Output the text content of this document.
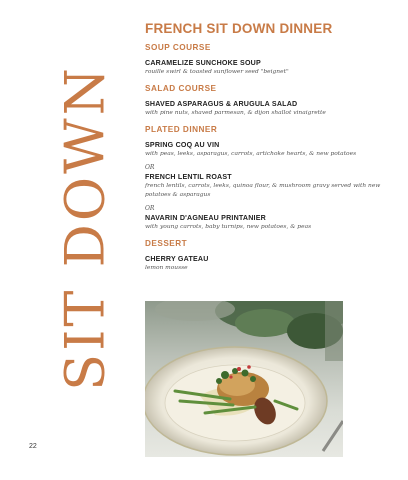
SIT DOWN
FRENCH SIT DOWN DINNER
SOUP COURSE
CARAMELIZE SUNCHOKE SOUP
rouille swirl & toasted sunflower seed "beignet"
SALAD COURSE
SHAVED ASPARAGUS & ARUGULA SALAD
with pine nuts, shaved parmesan, & dijon shallot vinaigrette
PLATED DINNER
SPRING COQ AU VIN
with peas, leeks, asparagus, carrots, artichoke hearts, & new potatoes
OR
FRENCH LENTIL ROAST
french lentils, carrots, leeks, quinoa flour, & mushroom gravy served with new potatoes & asparagus
OR
NAVARIN D'AGNEAU PRINTANIER
with young carrots, baby turnips, new potatoes, & peas
DESSERT
CHERRY GATEAU
lemon mousse
22
